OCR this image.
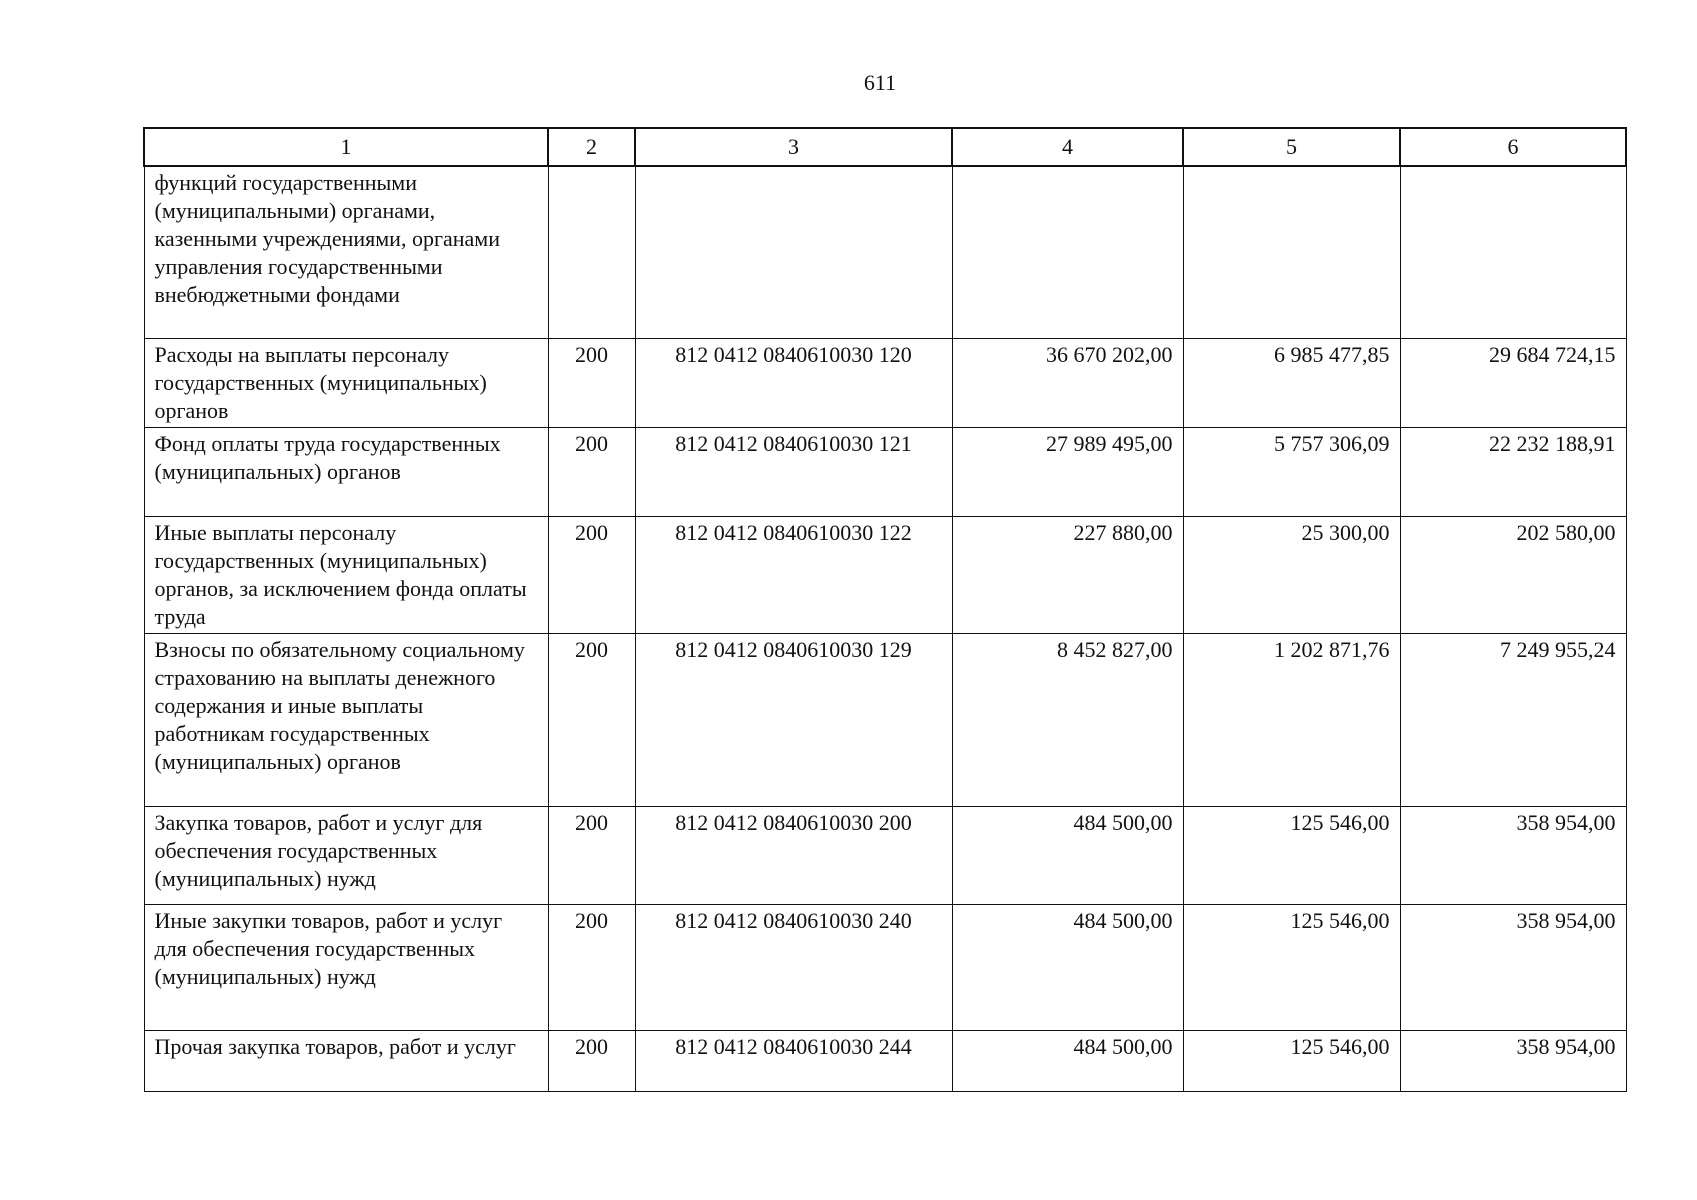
611
1	2	3	4	5	6
функций государственными (муниципальными) органами, казенными учреждениями, органами управления государственными внебюджетными фондами					
Расходы на выплаты персоналу государственных (муниципальных) органов	200	812 0412 0840610030 120	36 670 202,00	6 985 477,85	29 684 724,15
Фонд оплаты труда государственных (муниципальных) органов	200	812 0412 0840610030 121	27 989 495,00	5 757 306,09	22 232 188,91
Иные выплаты персоналу государственных (муниципальных) органов, за исключением фонда оплаты труда	200	812 0412 0840610030 122	227 880,00	25 300,00	202 580,00
Взносы по обязательному социальному страхованию на выплаты денежного содержания и иные выплаты работникам государственных (муниципальных) органов	200	812 0412 0840610030 129	8 452 827,00	1 202 871,76	7 249 955,24
Закупка товаров, работ и услуг для обеспечения государственных (муниципальных) нужд	200	812 0412 0840610030 200	484 500,00	125 546,00	358 954,00
Иные закупки товаров, работ и услуг для обеспечения государственных (муниципальных) нужд	200	812 0412 0840610030 240	484 500,00	125 546,00	358 954,00
Прочая закупка товаров, работ и услуг	200	812 0412 0840610030 244	484 500,00	125 546,00	358 954,00
